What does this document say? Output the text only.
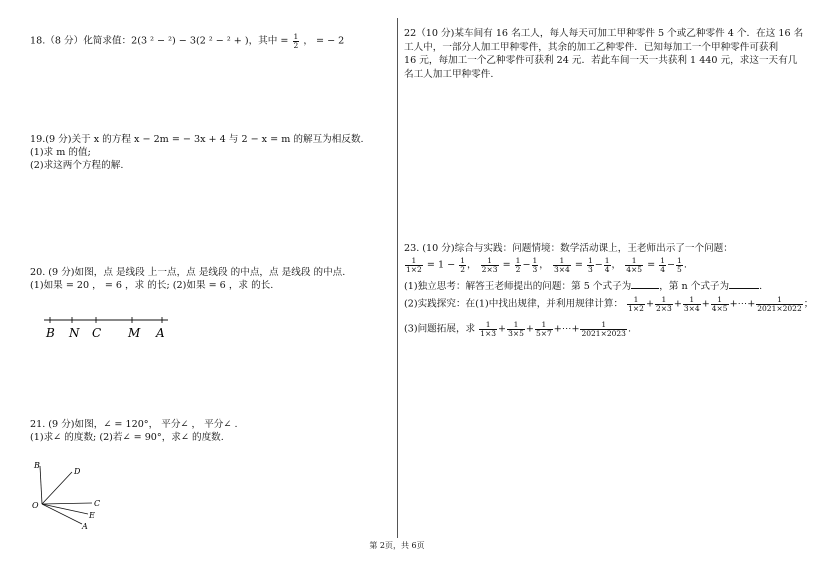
18.（8 分）化简求值：2(3 ² − ²) − 3(2 ² − ² + )，其中 = $\frac{1}{2}$ ， = − 2
19.(9 分)关于 x 的方程 x − 2m = − 3x + 4 与 2 − x = m 的解互为相反数.
(1)求 m 的值;
(2)求这两个方程的解.
20. (9 分)如图，点 是线段 上一点，点 是线段 的中点，点 是线段 的中点.
(1)如果 = 20 ， = 6 ，求 的长; (2)如果 = 6 ，求 的长.
B N C M A
21. (9 分)如图，∠ = 120°， 平分∠ ， 平分∠ .
(1)求∠ 的度数; (2)若∠ = 90°，求∠ 的度数.
B
D
O	C
E
A
22（10 分)某车间有 16 名工人，每人每天可加工甲种零件 5 个或乙种零件 4 个．在这 16 名
工人中，一部分人加工甲种零件，其余的加工乙种零件．已知每加工一个甲种零件可获利
16 元，每加工一个乙种零件可获利 24 元．若此车间一天一共获利 1 440 元，求这一天有几
名工人加工甲种零件.
23. (10 分)综合与实践：问题情境：数学活动课上，王老师出示了一个问题：
$\frac{1}{1\times 2} = 1 - \frac{1}{2}$ ， $\frac{1}{2\times 3} = \frac{1}{2} - \frac{1}{3}$ ， $\frac{1}{3\times 4} = \frac{1}{3} - \frac{1}{4}$ ， $\frac{1}{4\times 5} = \frac{1}{4} - \frac{1}{5}$ .
(1)独立思考：解答王老师提出的问题：第 5 个式子为	，第 n 个式子为	.
(2)实践探究：在(1)中找出规律，并利用规律计算： $\frac{1}{1\times 2} + \frac{1}{2\times 3} + \frac{1}{3\times 4} + \frac{1}{4\times 5}$ +⋯+ $\frac{1}{2021\times 2022}$ ；
(3)问题拓展，求 $\frac{1}{1\times 3} + \frac{1}{3\times 5} + \frac{1}{5\times 7}$ +⋯+ $\frac{1}{2021\times 2023}$ .
第 2页，共 6页
